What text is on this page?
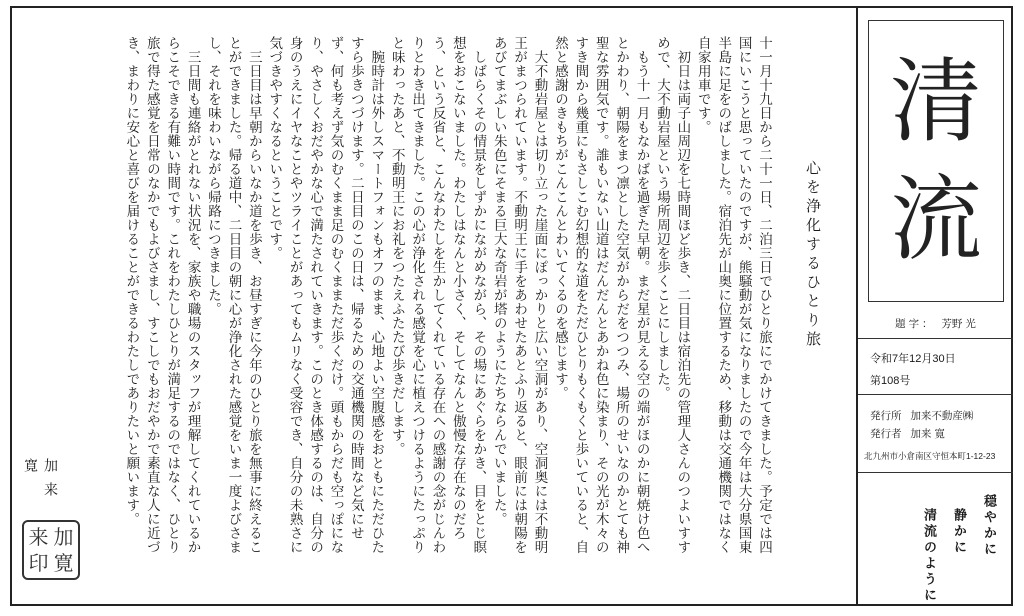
十一月十九日から二十一日、二泊三日でひとり旅にでかけてきました。予定では四国にいこうと思っていたのですが、熊騒動が気になりましたので今年は大分県国東半島に足をのばしました。宿泊先が山奥に位置するため、移動は交通機関ではなく自家用車です。

初日は両子山周辺を七時間ほど歩き、二日目は宿泊先の管理人さんのつよいすすめで、大不動岩屋という場所周辺を歩くことにしました。

もう十一月もなかばを過ぎた早朝。まだ星が見える空の端がほのかに朝焼け色へとかわり、朝陽をまつ凛とした空気がからだをつつみ、場所のせいなのかとても神聖な雰囲気です。誰もいない山道はだんだんとあかね色に染まり、その光が木々のすき間から幾重にもさしこむ幻想的な道をただひとりもくもくと歩いていると、自然と感謝のきもちがこんこんとわいてくるのを感じます。

大不動岩屋とは切り立った崖面にぽっかりと広い空洞があり、空洞奥には不動明王がまつられています。不動明王に手をあわせたあとふり返ると、眼前には朝陽をあびてまぶしい朱色にそまる巨大な奇岩が塔のようにたちならんでいました。

しばらくその情景をしずかにながめながら、その場にあぐらをかき、目をとじ瞑想をおこないました。わたしはなんと小さく、そしてなんと傲慢な存在なのだろう、という反省と、こんなわたしを生かしてくれている存在への感謝の念がじんわりとわき出てきました。この心が浄化される感覚を心に植えつけるようにたっぷりと味わったあと、不動明王にお礼をつたえふたたび歩きだします。

腕時計は外しスマートフォンもオフのまま、心地よい空腹感をおともにただひたすら歩きつづけます。二日目のこの日は、帰るための交通機関の時間など気にせず、何も考えず気のむくまま足のむくままただ歩くだけ。頭もからだも空っぽになり、やさしくおだやかな心で満たされていきます。このとき体感するのは、自分の身のうえにイヤなことやツライことがあってもムリなく受容でき、自分の未熟さに気づきやすくなるということです。

三日目は早朝からいなか道を歩き、お昼すぎに今年のひとり旅を無事に終えることができました。帰る道中、二日目の朝に心が浄化された感覚をいま一度よびさまし、それを味わいながら帰路につきました。

三日間も連絡がとれない状況を、家族や職場のスタッフが理解してくれているからこそできる有難い時間です。これをわたしひとりが満足するのではなく、ひとり旅で得た感覚を日常のなかでもよびさまし、すこしでもおだやかで素直な人に近づき、まわりに安心と喜びを届けることができるわたしでありたいと願います。	心を浄化するひとり旅
加来 寛
来 加
印 寛
清
流
題 字 ： 芳野 光
令和7年12月30日
第108号
発行所 加来不動産㈱
発行者 加来 寛
北九州市小倉南区守恒本町1-12-23
穏やかに
静かに
清流のように
